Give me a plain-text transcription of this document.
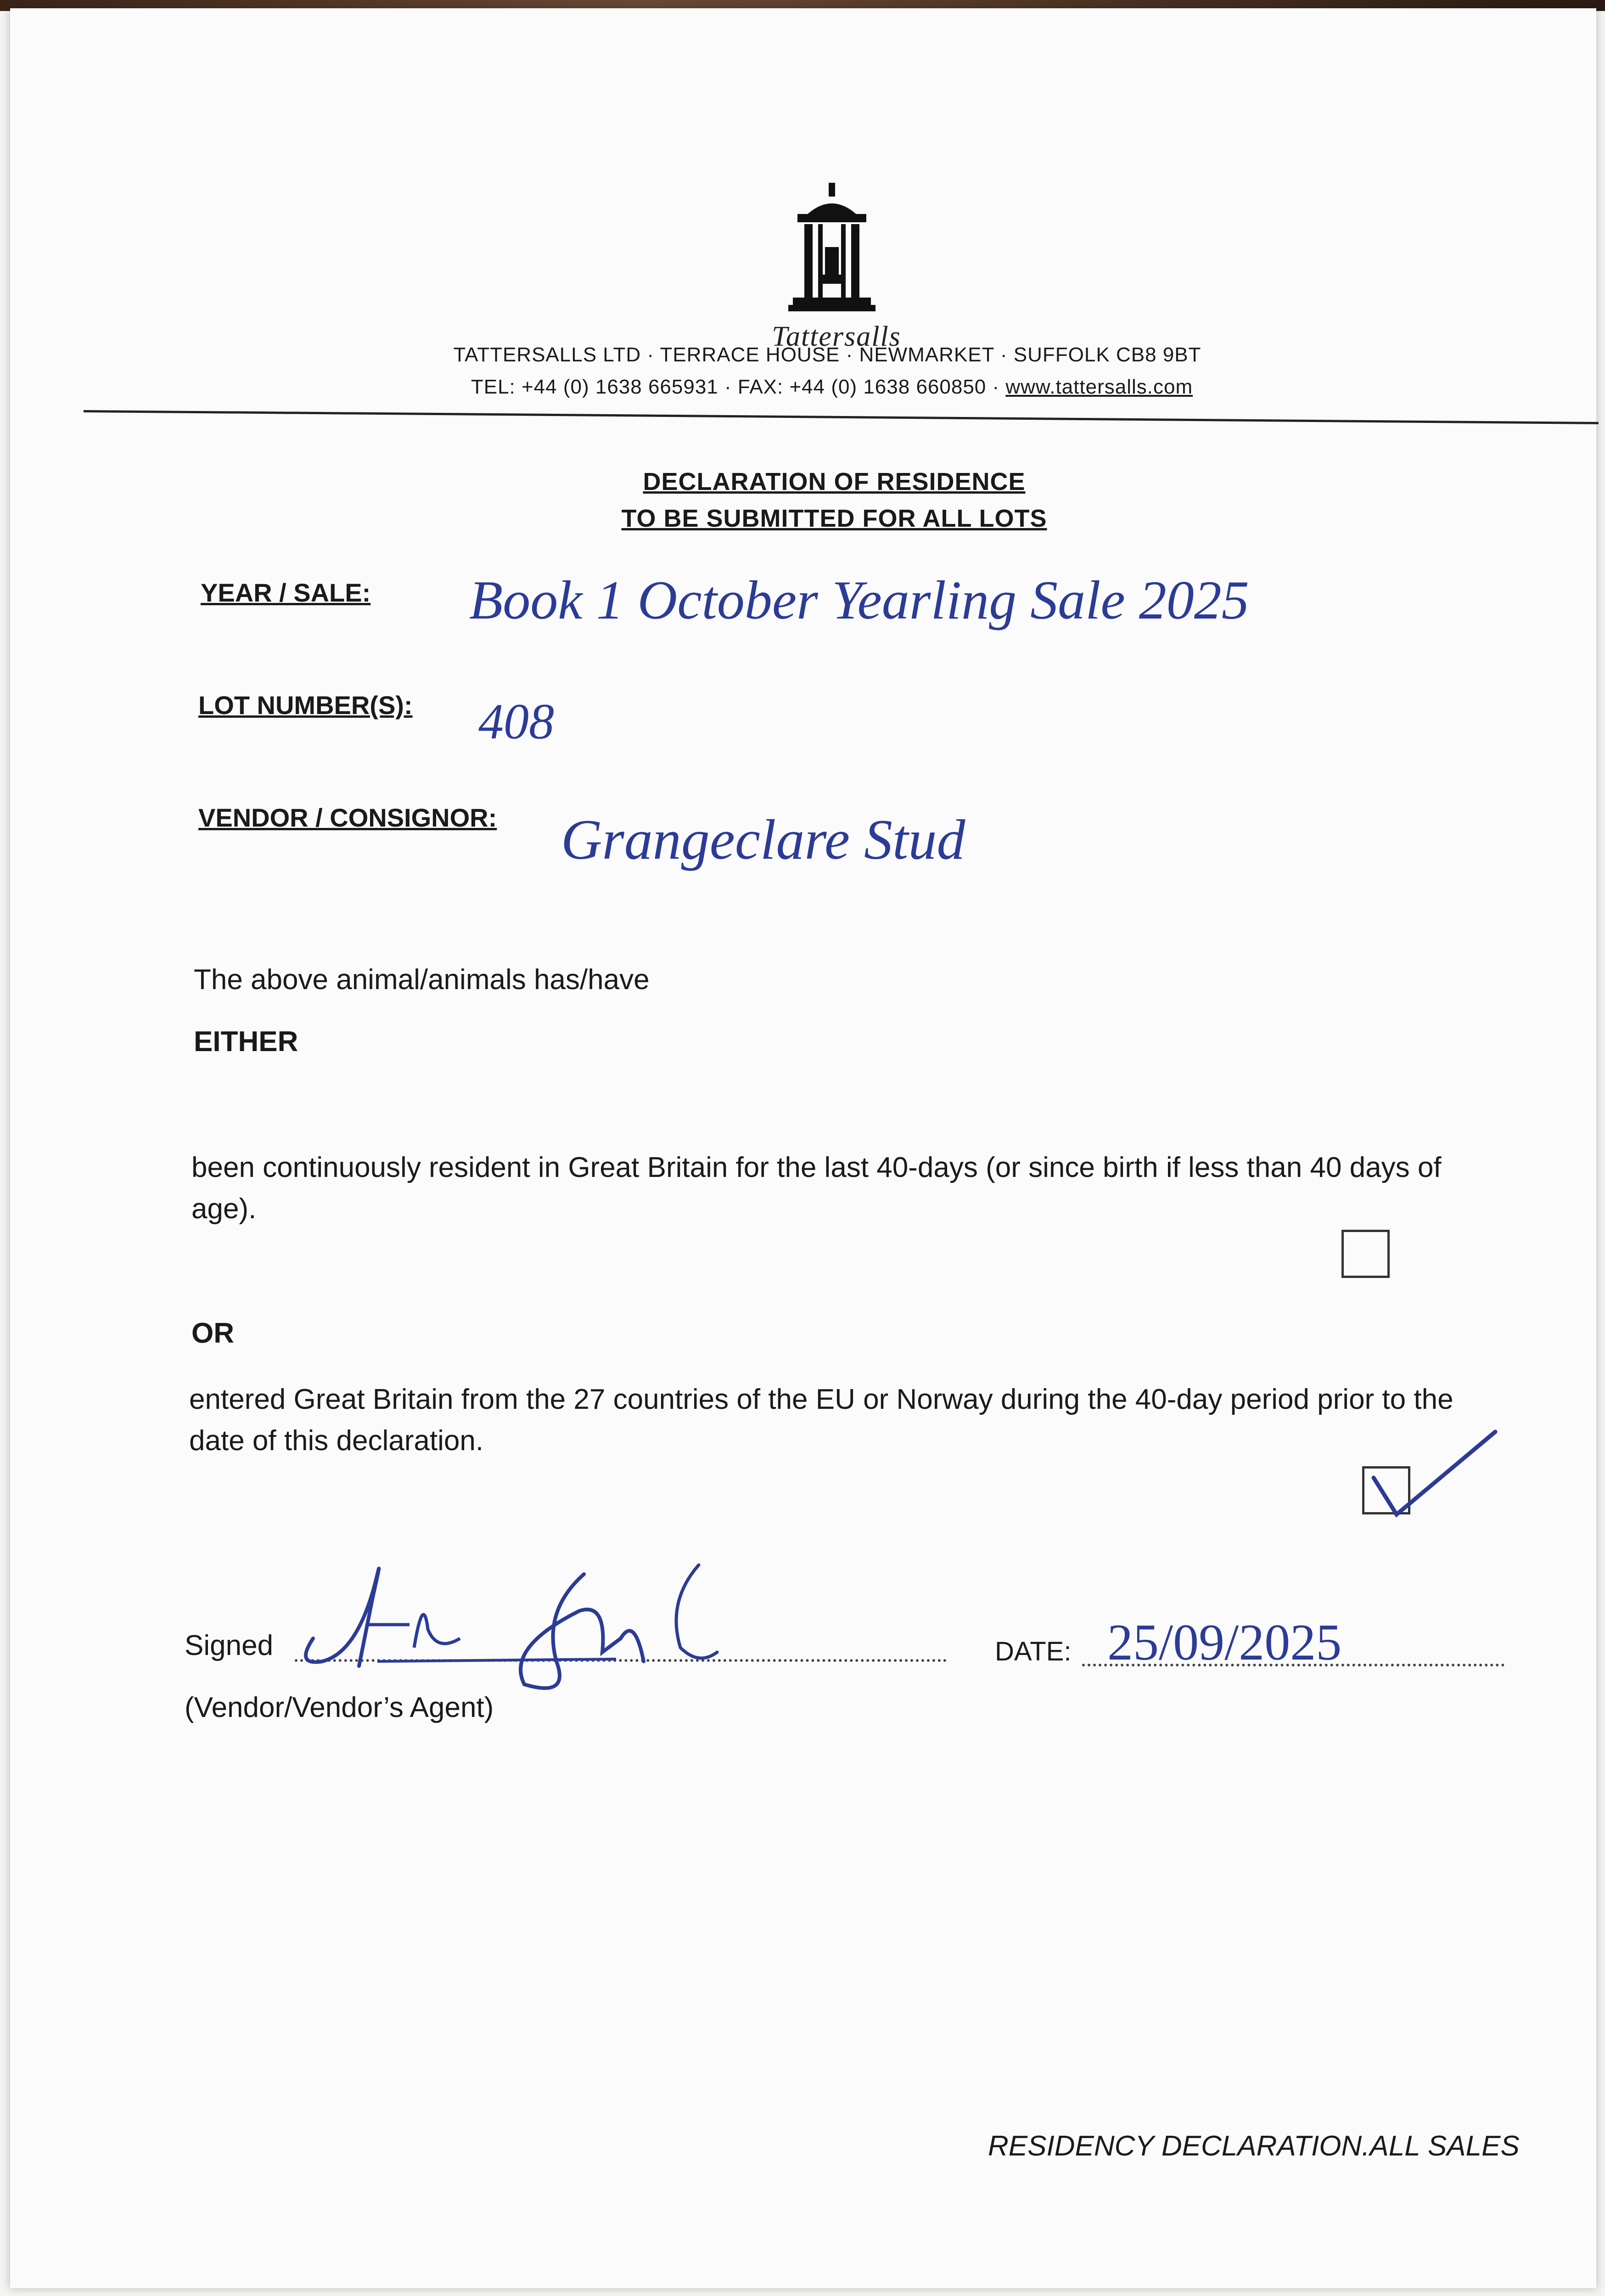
Tattersalls
TATTERSALLS LTD · TERRACE HOUSE · NEWMARKET · SUFFOLK CB8 9BT
TEL: +44 (0) 1638 665931 · FAX: +44 (0) 1638 660850 · www.tattersalls.com
DECLARATION OF RESIDENCE
TO BE SUBMITTED FOR ALL LOTS
YEAR / SALE: Book 1 October Yearling Sale 2025
LOT NUMBER(S): 408
VENDOR / CONSIGNOR: Grangeclare Stud
The above animal/animals has/have
EITHER
been continuously resident in Great Britain for the last 40-days (or since birth if less than 40 days of age).
OR
entered Great Britain from the 27 countries of the EU or Norway during the 40-day period prior to the date of this declaration.
Signed
(Vendor/Vendor’s Agent)
DATE: 25/09/2025
RESIDENCY DECLARATION.ALL SALES
